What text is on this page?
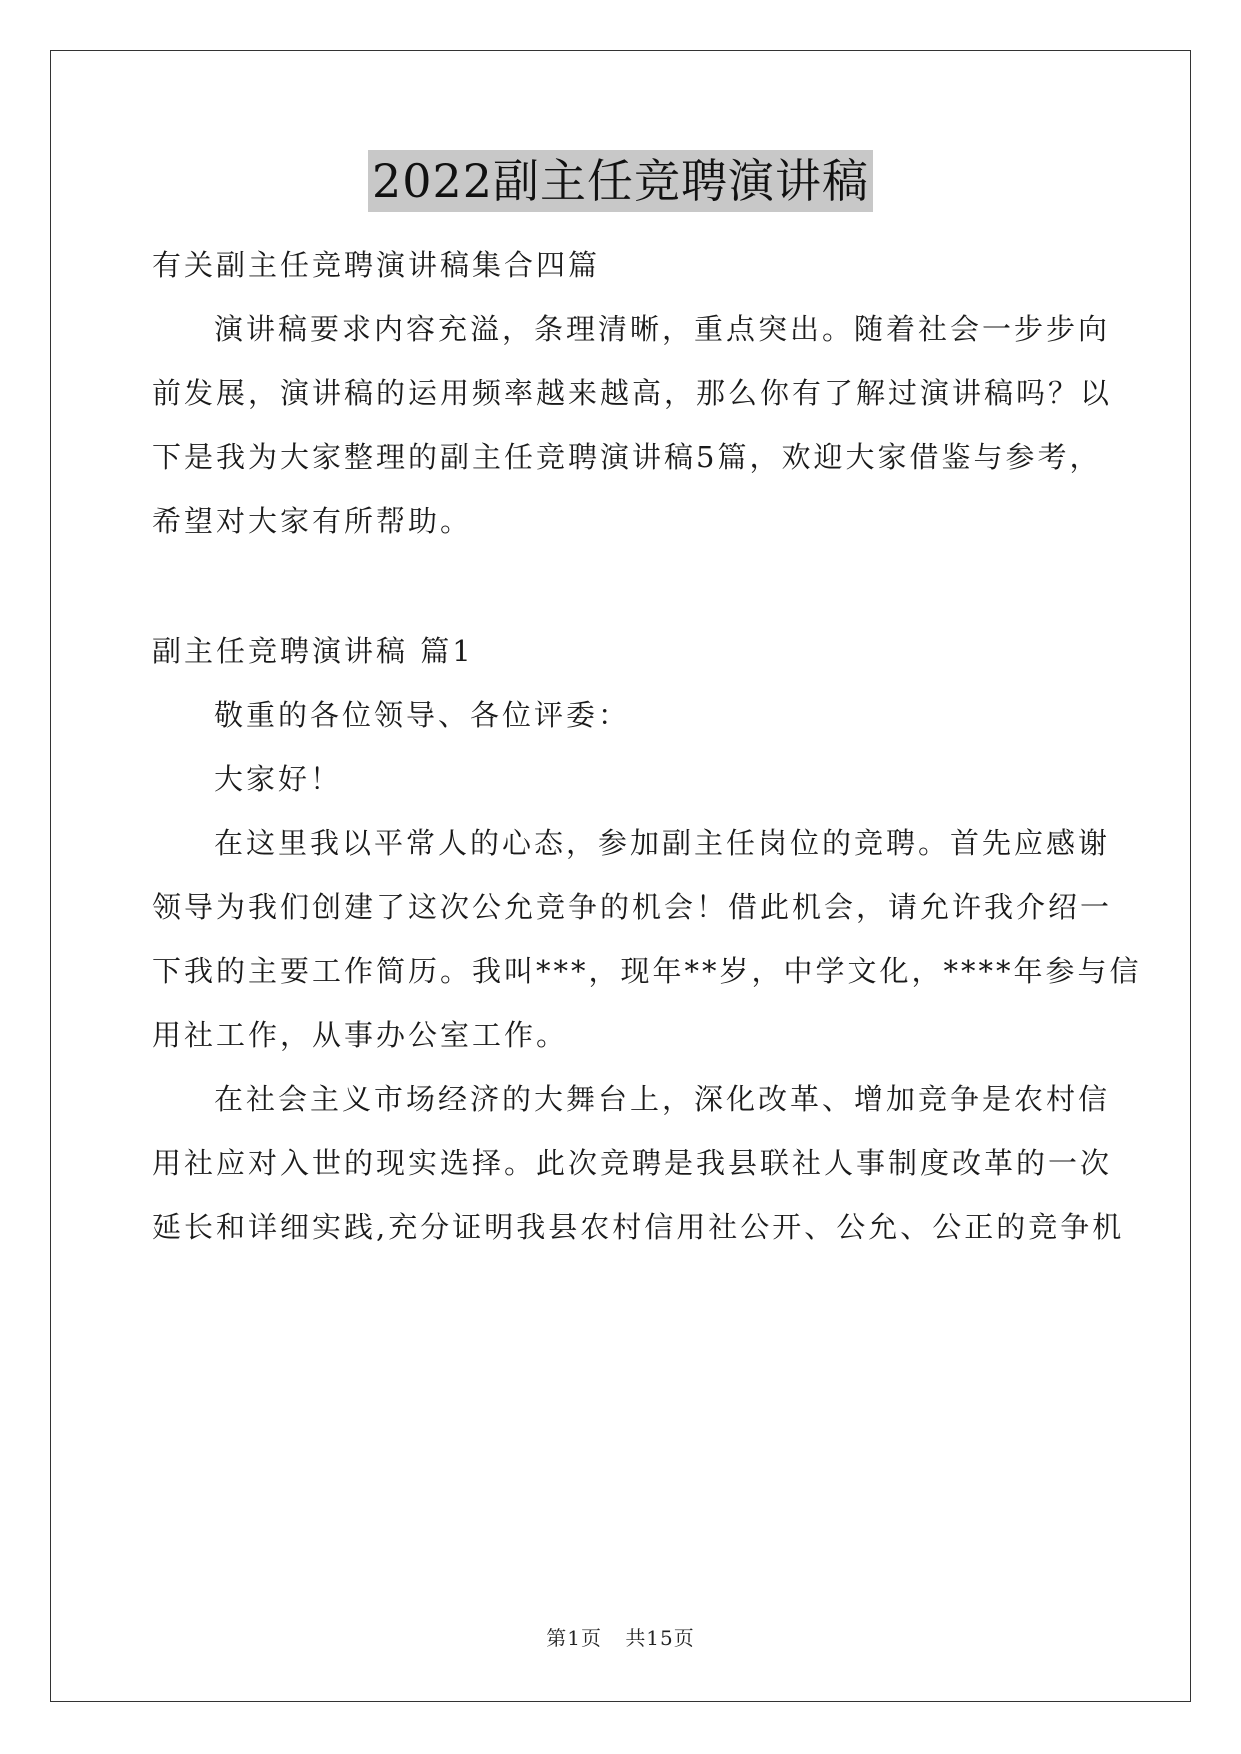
2022副主任竞聘演讲稿
有关副主任竞聘演讲稿集合四篇
演讲稿要求内容充溢，条理清晰，重点突出。随着社会一步步向
前发展，演讲稿的运用频率越来越高，那么你有了解过演讲稿吗？以
下是我为大家整理的副主任竞聘演讲稿5篇，欢迎大家借鉴与参考，
希望对大家有所帮助。
副主任竞聘演讲稿 篇1
敬重的各位领导、各位评委：
大家好！
在这里我以平常人的心态，参加副主任岗位的竞聘。首先应感谢
领导为我们创建了这次公允竞争的机会！借此机会，请允许我介绍一
下我的主要工作简历。我叫***，现年**岁，中学文化，****年参与信
用社工作，从事办公室工作。
在社会主义市场经济的大舞台上，深化改革、增加竞争是农村信
用社应对入世的现实选择。此次竞聘是我县联社人事制度改革的一次
延长和详细实践,充分证明我县农村信用社公开、公允、公正的竞争机
第1页 共15页
